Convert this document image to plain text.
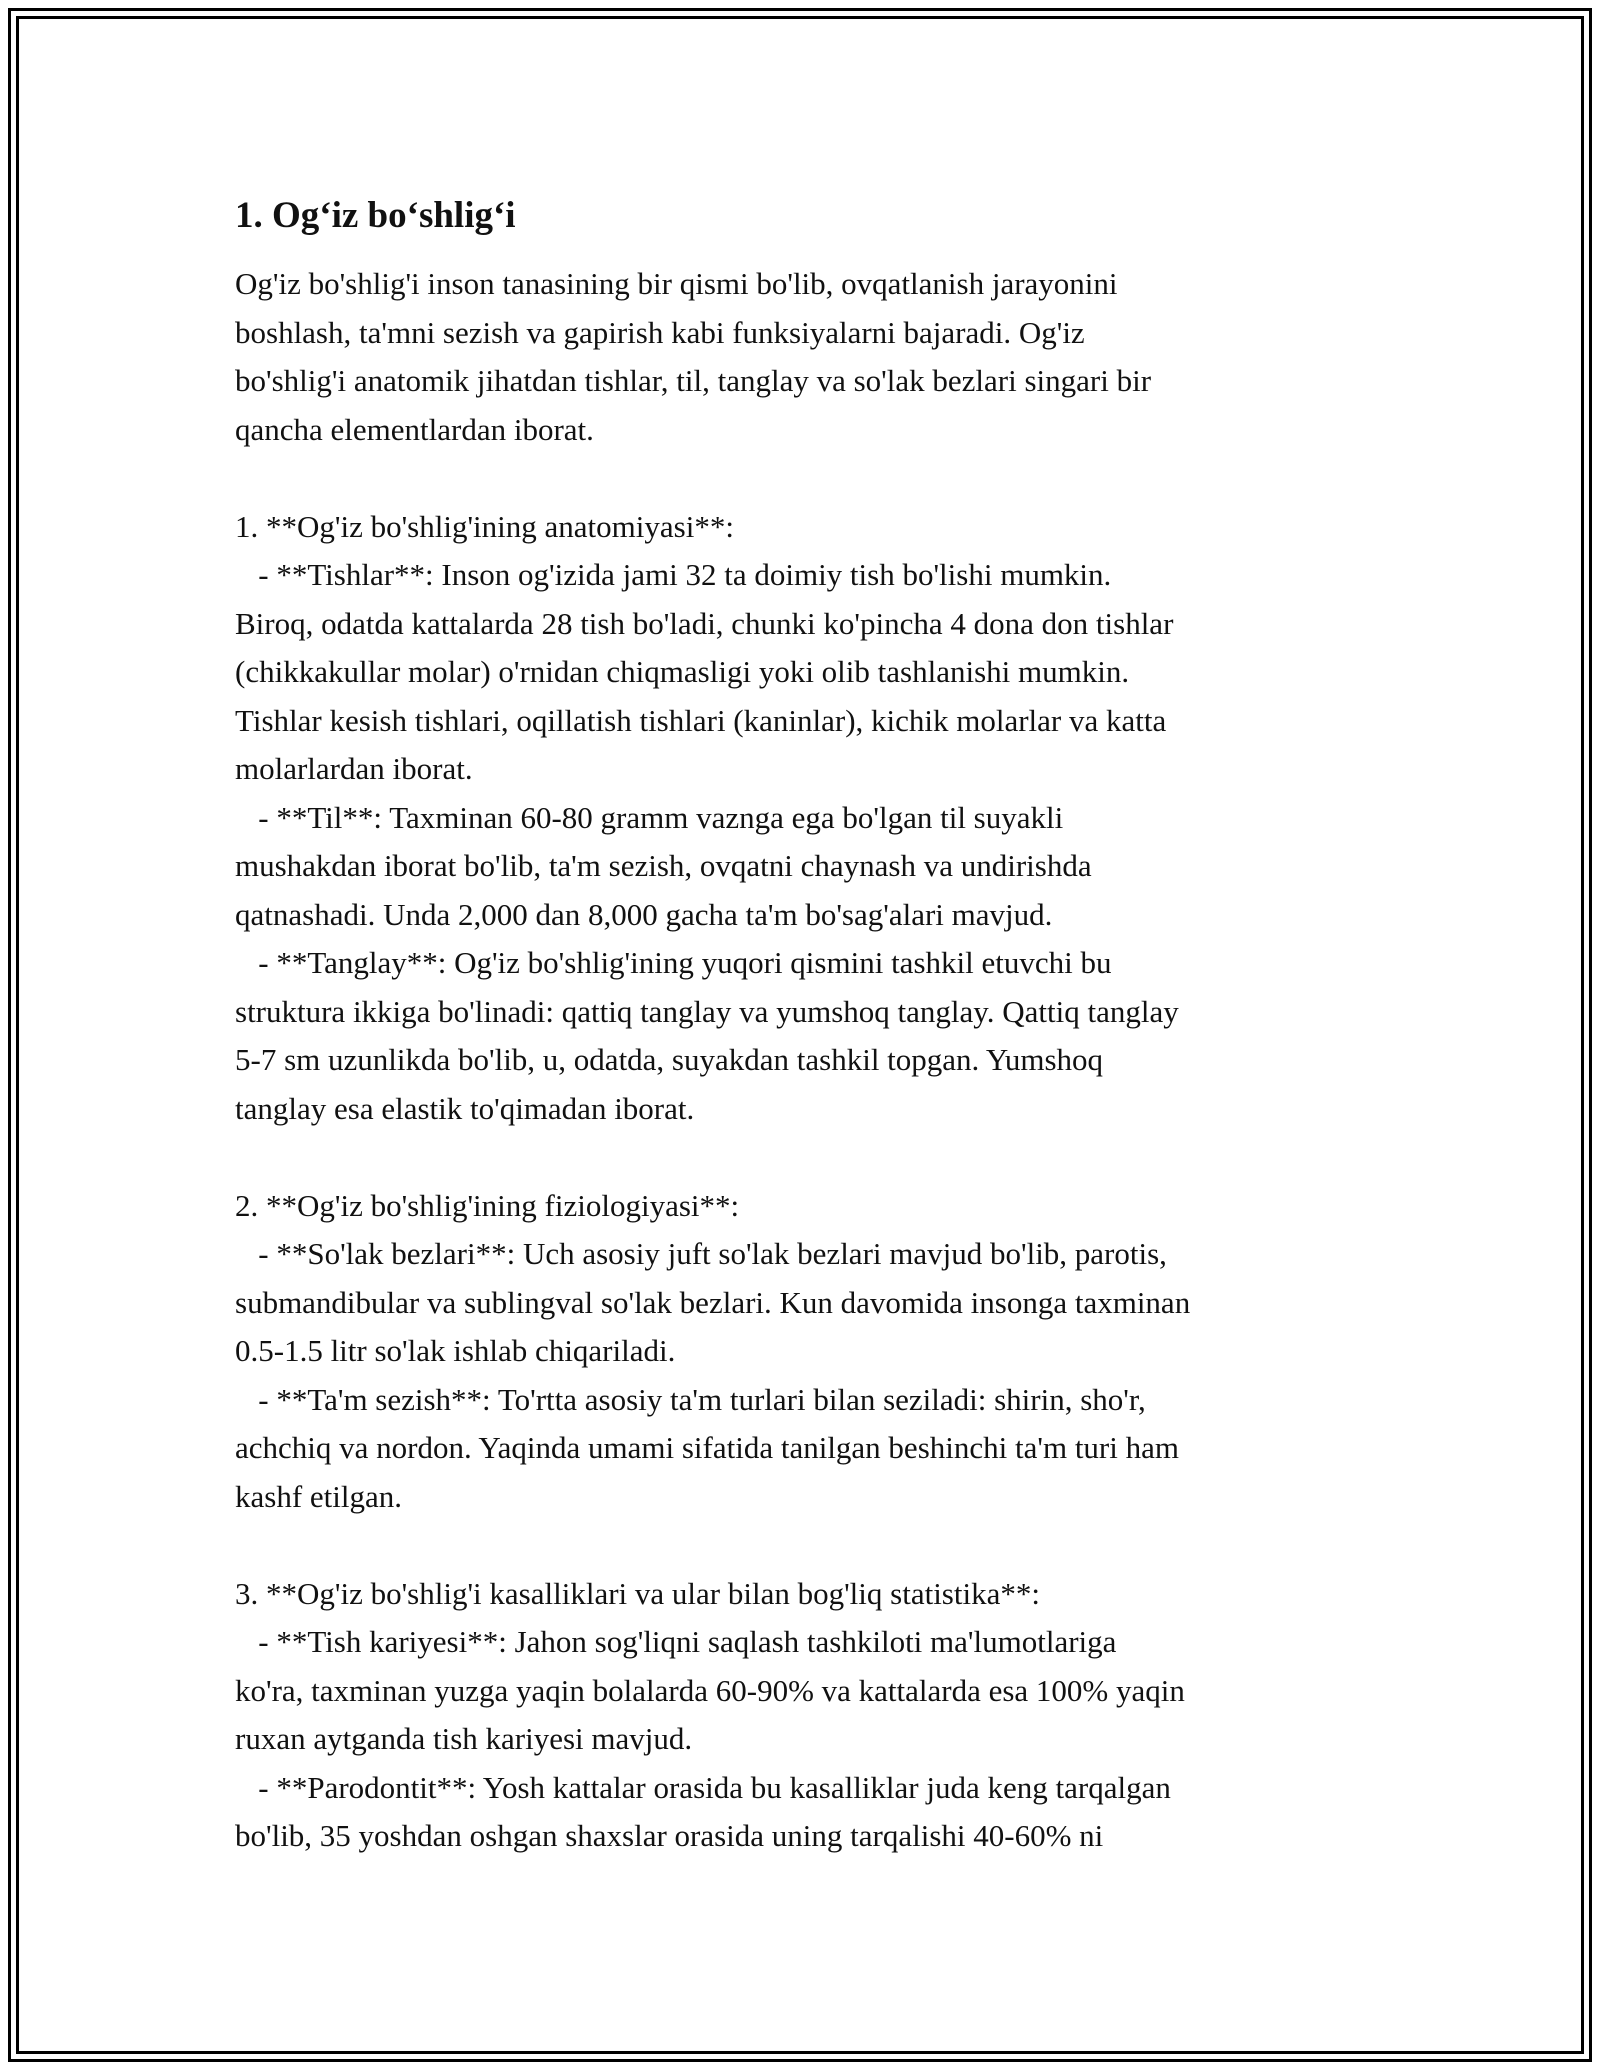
1. Og‘iz bo‘shlig‘i
Og'iz bo'shlig'i inson tanasining bir qismi bo'lib, ovqatlanish jarayonini
boshlash, ta'mni sezish va gapirish kabi funksiyalarni bajaradi. Og'iz
bo'shlig'i anatomik jihatdan tishlar, til, tanglay va so'lak bezlari singari bir
qancha elementlardan iborat.
1. **Og'iz bo'shlig'ining anatomiyasi**:
- **Tishlar**: Inson og'izida jami 32 ta doimiy tish bo'lishi mumkin.
Biroq, odatda kattalarda 28 tish bo'ladi, chunki ko'pincha 4 dona don tishlar
(chikkakullar molar) o'rnidan chiqmasligi yoki olib tashlanishi mumkin.
Tishlar kesish tishlari, oqillatish tishlari (kaninlar), kichik molarlar va katta
molarlardan iborat.
- **Til**: Taxminan 60-80 gramm vaznga ega bo'lgan til suyakli
mushakdan iborat bo'lib, ta'm sezish, ovqatni chaynash va undirishda
qatnashadi. Unda 2,000 dan 8,000 gacha ta'm bo'sag'alari mavjud.
- **Tanglay**: Og'iz bo'shlig'ining yuqori qismini tashkil etuvchi bu
struktura ikkiga bo'linadi: qattiq tanglay va yumshoq tanglay. Qattiq tanglay
5-7 sm uzunlikda bo'lib, u, odatda, suyakdan tashkil topgan. Yumshoq
tanglay esa elastik to'qimadan iborat.
2. **Og'iz bo'shlig'ining fiziologiyasi**:
- **So'lak bezlari**: Uch asosiy juft so'lak bezlari mavjud bo'lib, parotis,
submandibular va sublingval so'lak bezlari. Kun davomida insonga taxminan
0.5-1.5 litr so'lak ishlab chiqariladi.
- **Ta'm sezish**: To'rtta asosiy ta'm turlari bilan seziladi: shirin, sho'r,
achchiq va nordon. Yaqinda umami sifatida tanilgan beshinchi ta'm turi ham
kashf etilgan.
3. **Og'iz bo'shlig'i kasalliklari va ular bilan bog'liq statistika**:
- **Tish kariyesi**: Jahon sog'liqni saqlash tashkiloti ma'lumotlariga
ko'ra, taxminan yuzga yaqin bolalarda 60-90% va kattalarda esa 100% yaqin
ruxan aytganda tish kariyesi mavjud.
- **Parodontit**: Yosh kattalar orasida bu kasalliklar juda keng tarqalgan
bo'lib, 35 yoshdan oshgan shaxslar orasida uning tarqalishi 40-60% ni
